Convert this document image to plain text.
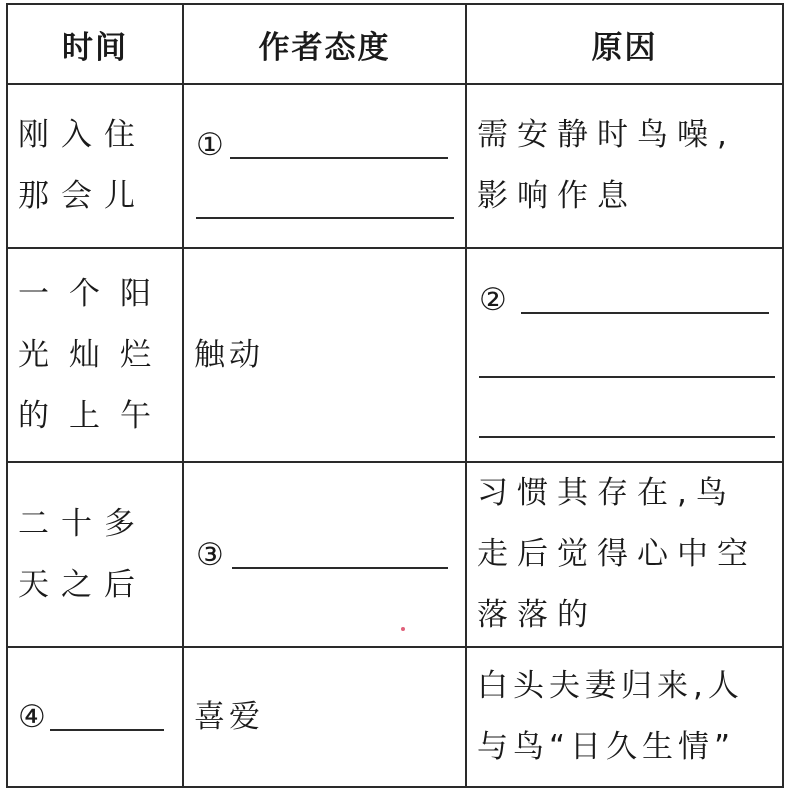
时间	作者态度	原因

刚入住那会儿	①	需安静时鸟噪,影响作息

一个阳光灿烂的上午	触动	②

二十多天之后	③	习惯其存在,鸟走后觉得心中空落落的

④	喜爱	白头夫妻归来,人与鸟“日久生情”
